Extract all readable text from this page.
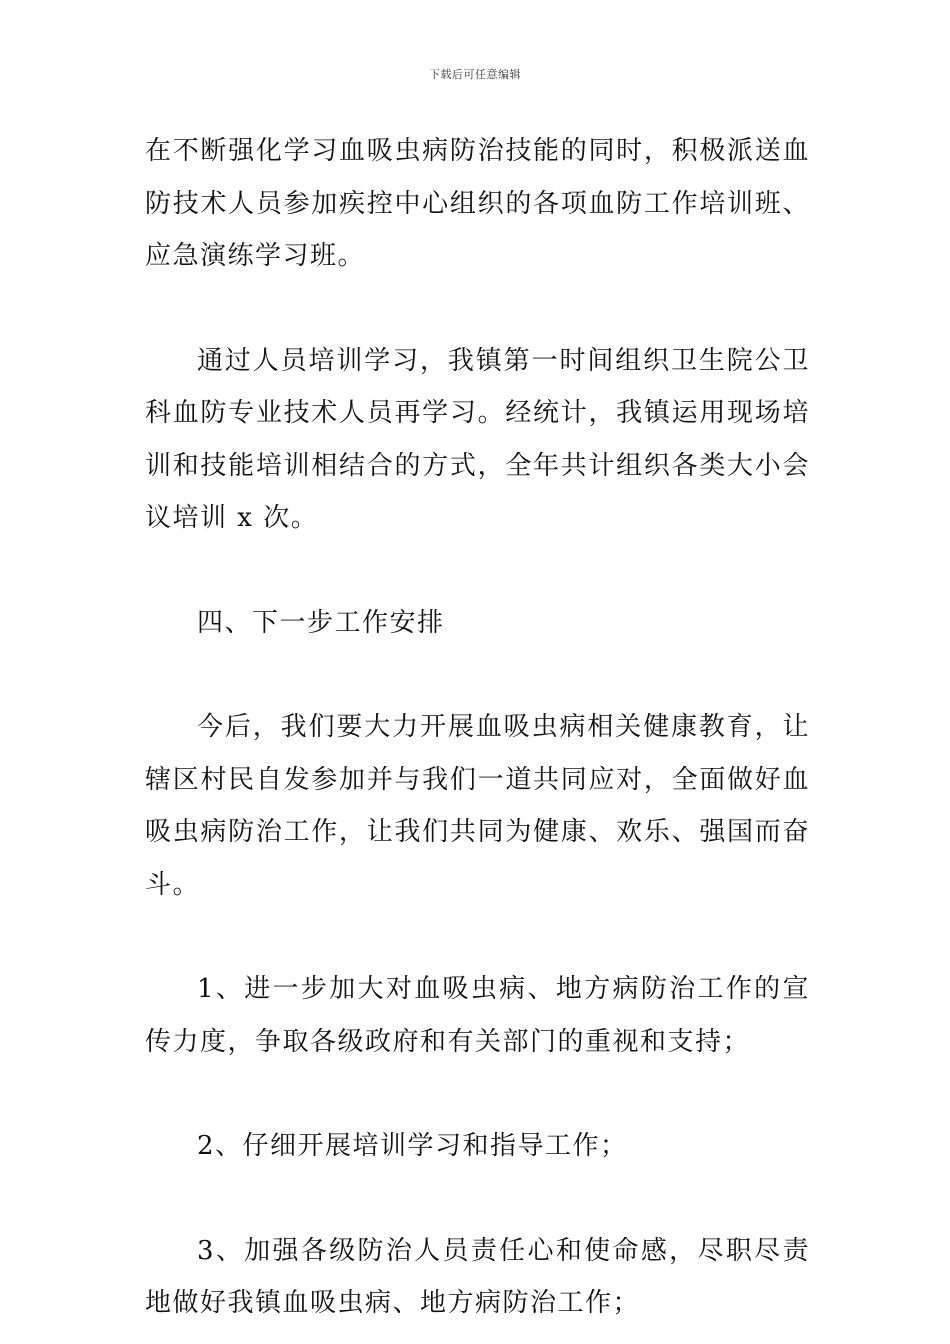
下载后可任意编辑

在不断强化学习血吸虫病防治技能的同时，积极派送血防技术人员参加疾控中心组织的各项血防工作培训班、应急演练学习班。

通过人员培训学习，我镇第一时间组织卫生院公卫科血防专业技术人员再学习。经统计，我镇运用现场培训和技能培训相结合的方式，全年共计组织各类大小会议培训 x 次。

四、下一步工作安排

今后，我们要大力开展血吸虫病相关健康教育，让辖区村民自发参加并与我们一道共同应对，全面做好血吸虫病防治工作，让我们共同为健康、欢乐、强国而奋斗。

1、进一步加大对血吸虫病、地方病防治工作的宣传力度，争取各级政府和有关部门的重视和支持；

2、仔细开展培训学习和指导工作；

3、加强各级防治人员责任心和使命感，尽职尽责地做好我镇血吸虫病、地方病防治工作；
